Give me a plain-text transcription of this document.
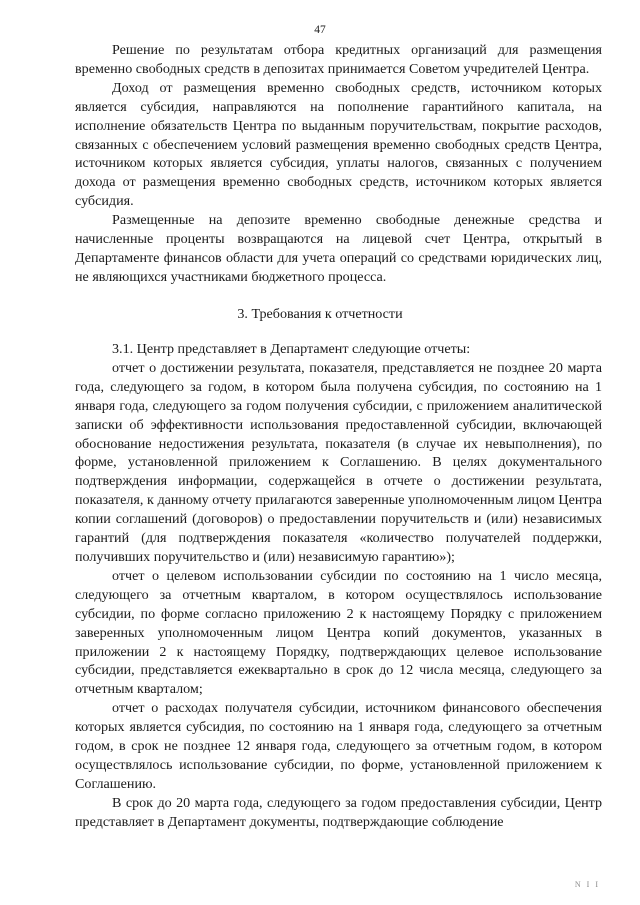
47

Решение по результатам отбора кредитных организаций для размещения временно свободных средств в депозитах принимается Советом учредителей Центра.

Доход от размещения временно свободных средств, источником которых является субсидия, направляются на пополнение гарантийного капитала, на исполнение обязательств Центра по выданным поручительствам, покрытие расходов, связанных с обеспечением условий размещения временно свободных средств Центра, источником которых является субсидия, уплаты налогов, связанных с получением дохода от размещения временно свободных средств, источником которых является субсидия.

Размещенные на депозите временно свободные денежные средства и начисленные проценты возвращаются на лицевой счет Центра, открытый в Департаменте финансов области для учета операций со средствами юридических лиц, не являющихся участниками бюджетного процесса.

3. Требования к отчетности

3.1. Центр представляет в Департамент следующие отчеты:

отчет о достижении результата, показателя, представляется не позднее 20 марта года, следующего за годом, в котором была получена субсидия, по состоянию на 1 января года, следующего за годом получения субсидии, с приложением аналитической записки об эффективности использования предоставленной субсидии, включающей обоснование недостижения результата, показателя (в случае их невыполнения), по форме, установленной приложением к Соглашению. В целях документального подтверждения информации, содержащейся в отчете о достижении результата, показателя, к данному отчету прилагаются заверенные уполномоченным лицом Центра копии соглашений (договоров) о предоставлении поручительств и (или) независимых гарантий (для подтверждения показателя «количество получателей поддержки, получивших поручительство и (или) независимую гарантию»);

отчет о целевом использовании субсидии по состоянию на 1 число месяца, следующего за отчетным кварталом, в котором осуществлялось использование субсидии, по форме согласно приложению 2 к настоящему Порядку с приложением заверенных уполномоченным лицом Центра копий документов, указанных в приложении 2 к настоящему Порядку, подтверждающих целевое использование субсидии, представляется ежеквартально в срок до 12 числа месяца, следующего за отчетным кварталом;

отчет о расходах получателя субсидии, источником финансового обеспечения которых является субсидия, по состоянию на 1 января года, следующего за отчетным годом, в срок не позднее 12 января года, следующего за отчетным годом, в котором осуществлялось использование субсидии, по форме, установленной приложением к Соглашению.

В срок до 20 марта года, следующего за годом предоставления субсидии, Центр представляет в Департамент документы, подтверждающие соблюдение

N I I
